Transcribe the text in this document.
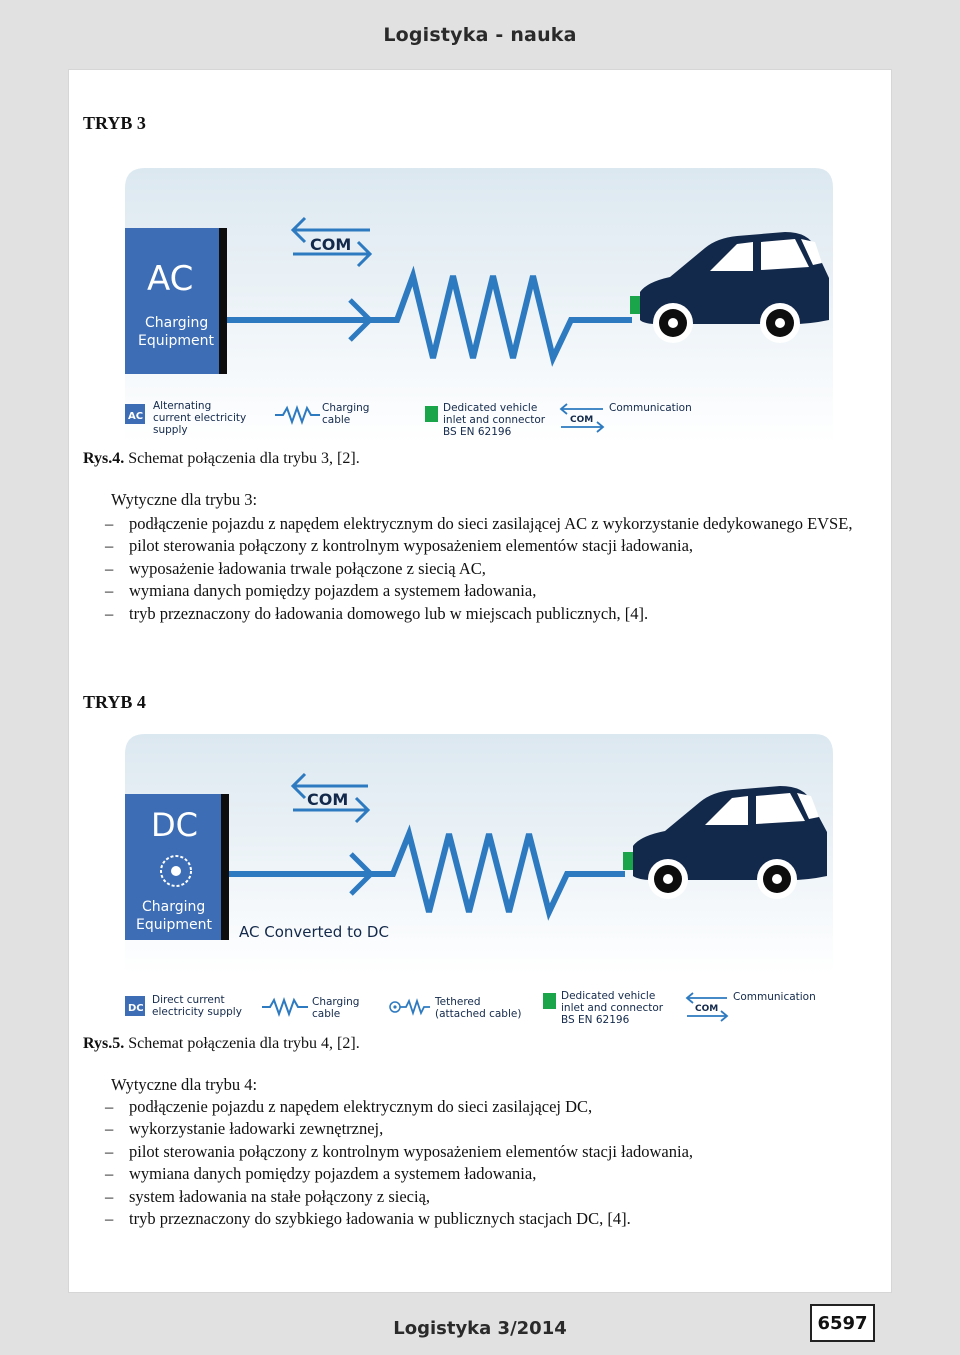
Logistyka - nauka
TRYB 3
AC
Charging
Equipment
COM
AC
Alternating
current electricity
supply
Charging
cable
Dedicated vehicle
inlet and connector
BS EN 62196
COM
Communication
Rys.4. Schemat połączenia dla trybu 3, [2].
Wytyczne dla trybu 3:
– podłączenie pojazdu z napędem elektrycznym do sieci zasilającej AC z wykorzystanie dedykowanego EVSE,
– pilot sterowania połączony z kontrolnym wyposażeniem elementów stacji ładowania,
– wyposażenie ładowania trwale połączone z siecią AC,
– wymiana danych pomiędzy pojazdem a systemem ładowania,
– tryb przeznaczony do ładowania domowego lub w miejscach publicznych, [4].
TRYB 4
DC
Charging
Equipment AC Converted to DC
COM
DC
Direct current
electricity supply
Charging
cable
Tethered
(attached cable)
Dedicated vehicle
inlet and connector
BS EN 62196
COM
Communication
Rys.5. Schemat połączenia dla trybu 4, [2].
Wytyczne dla trybu 4:
– podłączenie pojazdu z napędem elektrycznym do sieci zasilającej DC,
– wykorzystanie ładowarki zewnętrznej,
– pilot sterowania połączony z kontrolnym wyposażeniem elementów stacji ładowania,
– wymiana danych pomiędzy pojazdem a systemem ładowania,
– system ładowania na stałe połączony z siecią,
– tryb przeznaczony do szybkiego ładowania w publicznych stacjach DC, [4].
Logistyka 3/2014	6597
